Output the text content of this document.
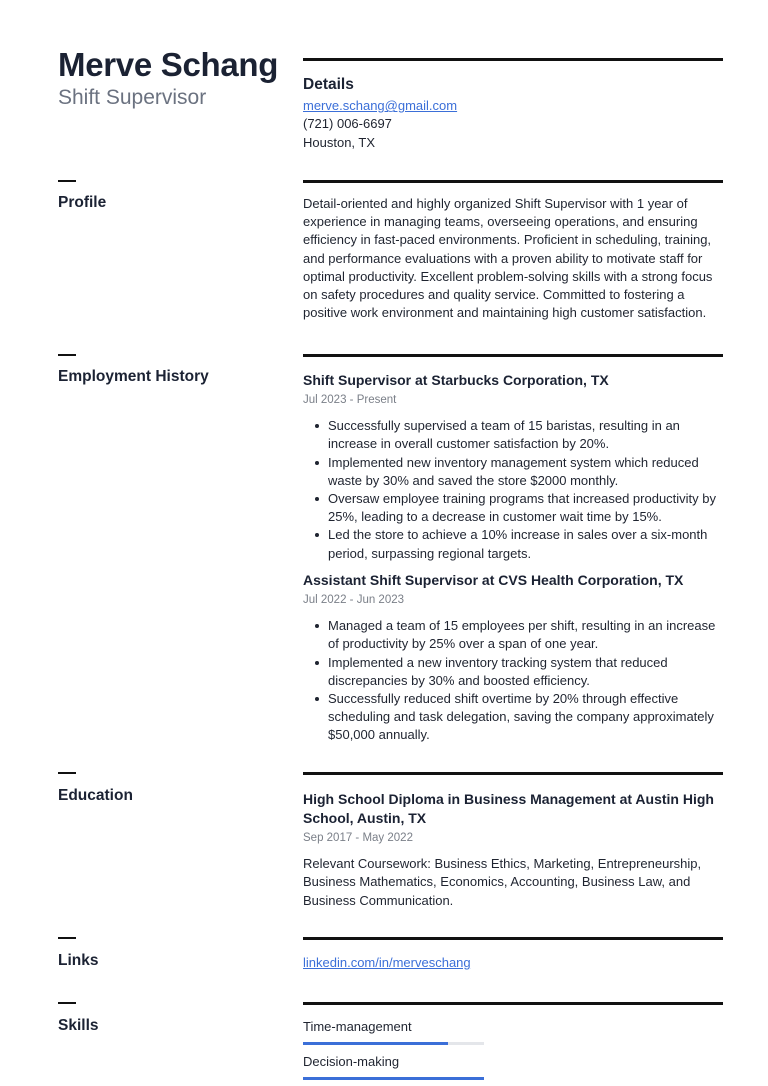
Merve Schang
Shift Supervisor
Details
merve.schang@gmail.com
(721) 006-6697
Houston, TX
Profile	Detail-oriented and highly organized Shift Supervisor with 1 year of experience in managing teams, overseeing operations, and ensuring efficiency in fast-paced environments. Proficient in scheduling, training, and performance evaluations with a proven ability to motivate staff for optimal productivity. Excellent problem-solving skills with a strong focus on safety procedures and quality service. Committed to fostering a positive work environment and maintaining high customer satisfaction.
Employment History	Shift Supervisor at Starbucks Corporation, TX
Jul 2023 - Present
Successfully supervised a team of 15 baristas, resulting in an increase in overall customer satisfaction by 20%.
Implemented new inventory management system which reduced waste by 30% and saved the store $2000 monthly.
Oversaw employee training programs that increased productivity by 25%, leading to a decrease in customer wait time by 15%.
Led the store to achieve a 10% increase in sales over a six-month period, surpassing regional targets.
Assistant Shift Supervisor at CVS Health Corporation, TX
Jul 2022 - Jun 2023
Managed a team of 15 employees per shift, resulting in an increase of productivity by 25% over a span of one year.
Implemented a new inventory tracking system that reduced discrepancies by 30% and boosted efficiency.
Successfully reduced shift overtime by 20% through effective scheduling and task delegation, saving the company approximately $50,000 annually.
Education	High School Diploma in Business Management at Austin High School, Austin, TX
Sep 2017 - May 2022
Relevant Coursework: Business Ethics, Marketing, Entrepreneurship, Business Mathematics, Economics, Accounting, Business Law, and Business Communication.
Links	linkedin.com/in/merveschang
Skills	Time-management
Decision-making
